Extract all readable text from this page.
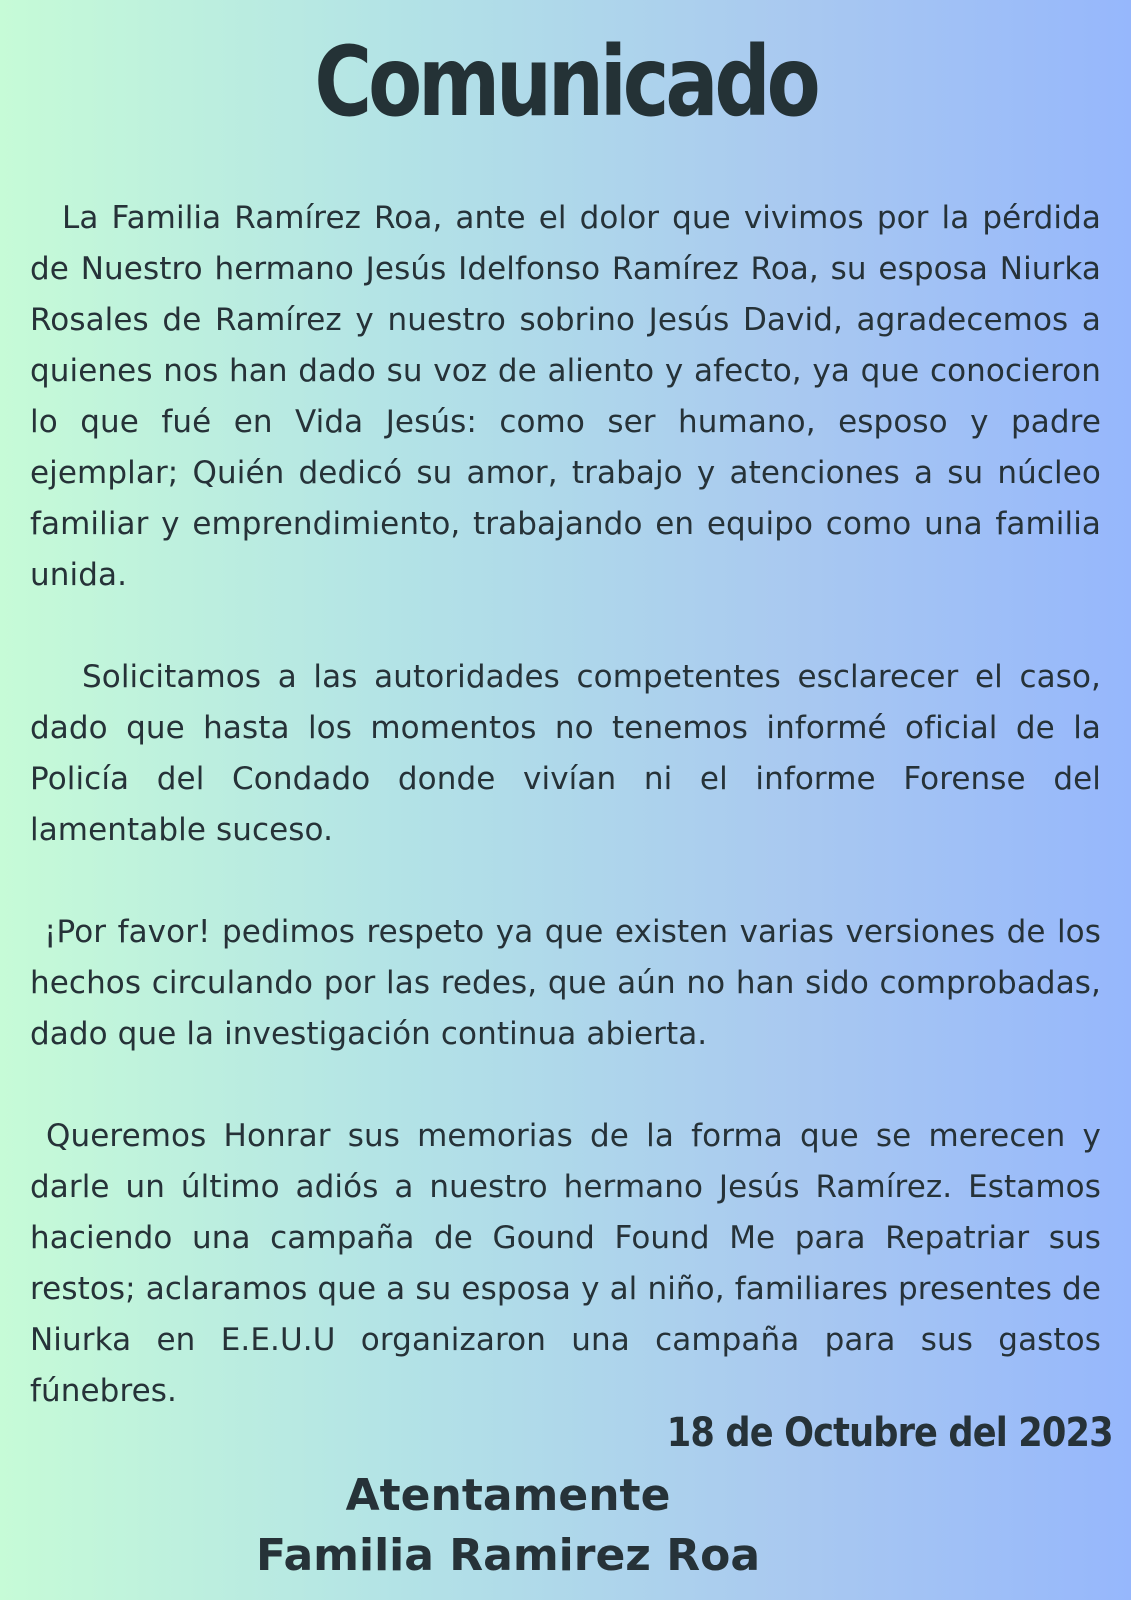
Comunicado

La Familia Ramírez Roa, ante el dolor que vivimos por la pérdida de Nuestro hermano Jesús Idelfonso Ramírez Roa, su esposa Niurka Rosales de Ramírez y nuestro sobrino Jesús David, agradecemos a quienes nos han dado su voz de aliento y afecto, ya que conocieron lo que fué en Vida Jesús: como ser humano, esposo y padre ejemplar; Quién dedicó su amor, trabajo y atenciones a su núcleo familiar y emprendimiento, trabajando en equipo como una familia unida.

Solicitamos a las autoridades competentes esclarecer el caso, dado que hasta los momentos no tenemos informé oficial de la Policía del Condado donde vivían ni el informe Forense del lamentable suceso.

¡Por favor! pedimos respeto ya que existen varias versiones de los hechos circulando por las redes, que aún no han sido comprobadas, dado que la investigación continua abierta.

Queremos Honrar sus memorias de la forma que se merecen y darle un último adiós a nuestro hermano Jesús Ramírez. Estamos haciendo una campaña de Gound Found Me para Repatriar sus restos; aclaramos que a su esposa y al niño, familiares presentes de Niurka en E.E.U.U organizaron una campaña para sus gastos fúnebres.

18 de Octubre del 2023
Atentamente
Familia Ramirez Roa
